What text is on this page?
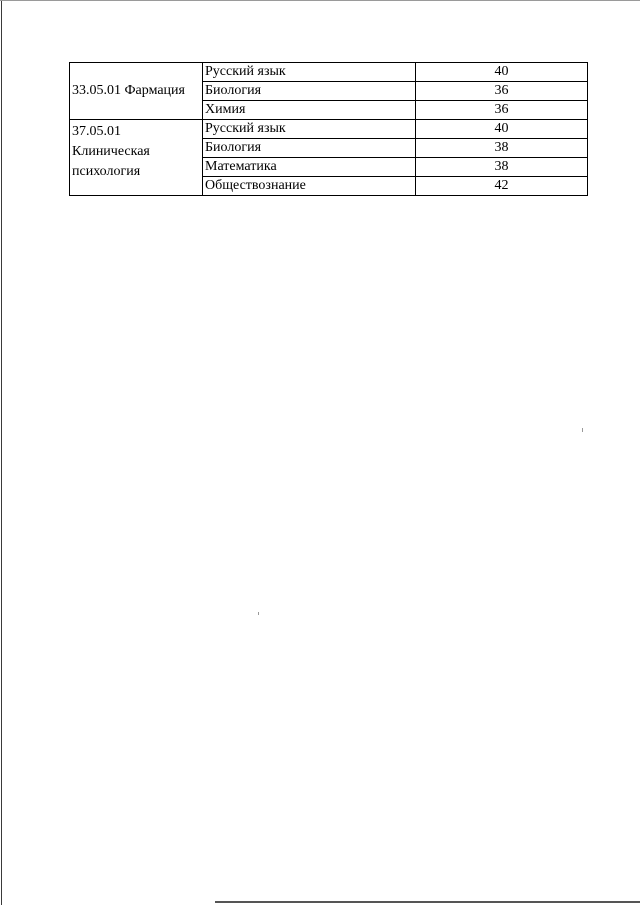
33.05.01 Фармация	Русский язык	40
	Биология	36
	Химия	36

37.05.01
Клиническая
психология	Русский язык	40
	Биология	38
	Математика	38
	Обществознание	42
